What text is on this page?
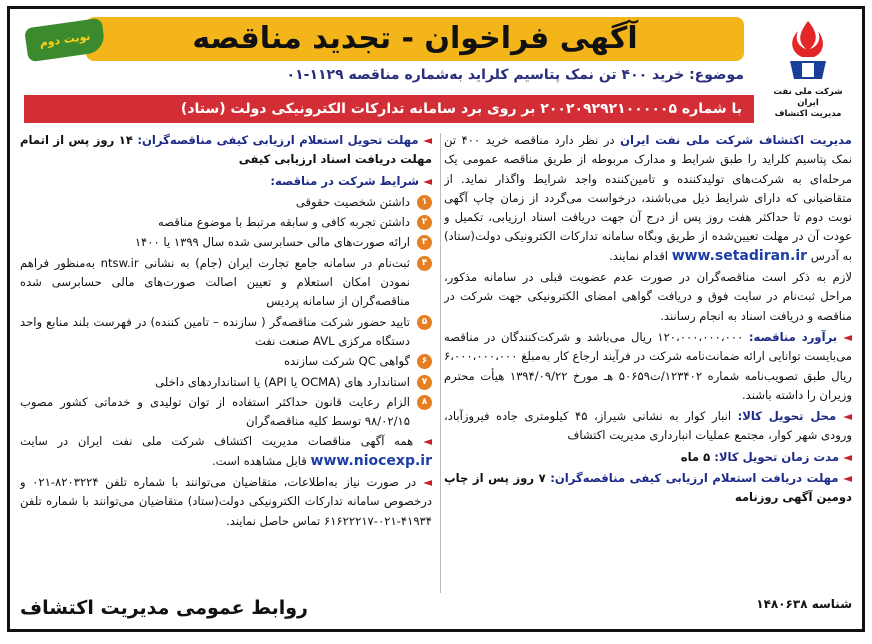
شرکت ملی نفت ایران
مدیریت اکتشاف
آگهی فراخوان - تجدید مناقصه
نوبت دوم
موضوع: خرید ۴۰۰ تن نمک پتاسیم کلراید به‌شماره مناقصه ۱۱۲۹-۰۱
با شماره ۲۰۰۲۰۹۲۹۲۱۰۰۰۰۰۵ بر روی برد سامانه تدارکات الکترونیکی دولت (ستاد)

مدیریت اکتشاف شرکت ملی نفت ایران در نظر دارد مناقصه خرید ۴۰۰ تن نمک پتاسیم کلراید را طبق شرایط و مدارک مربوطه از طریق مناقصه عمومی یک مرحله‌ای به شرکت‌های تولیدکننده و تامین‌کننده واجد شرایط واگذار نماید. از متقاضیانی که دارای شرایط ذیل می‌باشند، درخواست می‌گردد از زمان چاپ آگهی نوبت دوم تا حداکثر هفت روز پس از درج آن جهت دریافت اسناد ارزیابی، تکمیل و عودت آن در مهلت تعیین‌شده از طریق وبگاه سامانه تدارکات الکترونیکی دولت(ستاد) به آدرس www.setadiran.ir اقدام نمایند.

لازم به ذکر است مناقصه‌گران در صورت عدم عضویت قبلی در سامانه مذکور، مراحل ثبت‌نام در سایت فوق و دریافت گواهی امضای الکترونیکی جهت شرکت در مناقصه و دریافت اسناد به انجام رسانند.

◄ برآورد مناقصه: ۱۲۰،۰۰۰،۰۰۰،۰۰۰ ریال می‌باشد و شرکت‌کنندگان در مناقصه می‌بایست توانایی ارائه ضمانت‌نامه شرکت در فرآیند ارجاع کار به‌مبلغ ۶،۰۰۰،۰۰۰،۰۰۰ ریال طبق تصویب‌نامه شماره ۱۲۳۴۰۲/ت۵۰۶۵۹ هـ مورخ ۱۳۹۴/۰۹/۲۲ هیأت محترم وزیران را داشته باشند.

◄ محل تحویل کالا: انبار کوار به نشانی شیراز، ۴۵ کیلومتری جاده فیروزآباد، ورودی شهر کوار، مجتمع عملیات انبارداری مدیریت اکتشاف

◄ مدت زمان تحویل کالا: ۵ ماه

◄ مهلت دریافت استعلام ارزیابی کیفی مناقصه‌گران: ۷ روز پس از چاپ دومین آگهی روزنامه

◄ مهلت تحویل استعلام ارزیابی کیفی مناقصه‌گران: ۱۴ روز پس از اتمام مهلت دریافت اسناد ارزیابی کیفی

◄ شرایط شرکت در مناقصه:

۱
داشتن شخصیت حقوقی
۲
داشتن تجربه کافی و سابقه مرتبط با موضوع مناقصه
۳
ارائه صورت‌های مالی حسابرسی شده سال ۱۳۹۹ یا ۱۴۰۰
۴
ثبت‌نام در سامانه جامع تجارت ایران (جام) به نشانی ntsw.ir به‌منظور فراهم نمودن امکان استعلام و تعیین اصالت صورت‌های مالی حسابرسی شده مناقصه‌گران از سامانه پردیس
۵
تایید حضور شرکت مناقصه‌گر ( سازنده – تامین کننده) در فهرست بلند منابع واحد دستگاه مرکزی AVL صنعت نفت
۶
گواهی QC شرکت سازنده
۷
استاندارد های (OCMA یا API) یا استانداردهای داخلی
۸
الزام رعایت قانون حداکثر استفاده از توان تولیدی و خدماتی کشور مصوب ۹۸/۰۲/۱۵ توسط کلیه مناقصه‌گران

◄ همه آگهی مناقصات مدیریت اکتشاف شرکت ملی نفت ایران در سایت www.niocexp.ir قابل مشاهده است.

◄ در صورت نیاز به‌اطلاعات، متقاضیان می‌توانند با شماره تلفن ۸۲۰۳۲۲۴-۰۲۱ و درخصوص سامانه تدارکات الکترونیکی دولت(ستاد) متقاضیان می‌توانند با شماره تلفن ۴۱۹۳۴-۰۲۱-۶۱۶۲۲۲۱۷ تماس حاصل نمایند.

شناسه ۱۴۸۰۶۳۸
روابط عمومی مدیریت اکتشاف
